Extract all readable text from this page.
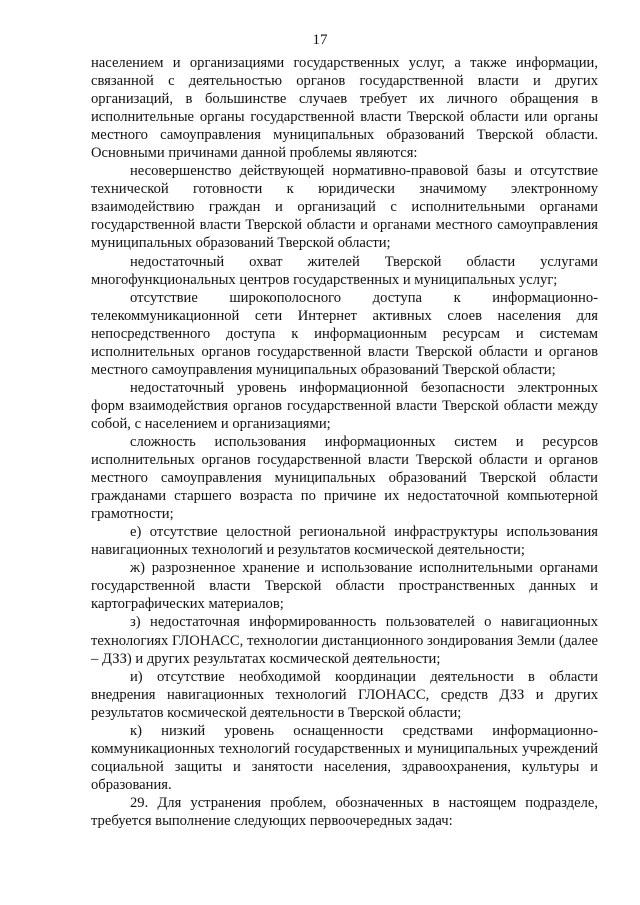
17

населением и организациями государственных услуг, а также информации, связанной с деятельностью органов государственной власти и других организаций, в большинстве случаев требует их личного обращения в исполнительные органы государственной власти Тверской области или органы местного самоуправления муниципальных образований Тверской области. Основными причинами данной проблемы являются:

несовершенство действующей нормативно-правовой базы и отсутствие технической готовности к юридически значимому электронному взаимодействию граждан и организаций с исполнительными органами государственной власти Тверской области и органами местного самоуправления муниципальных образований Тверской области;

недостаточный охват жителей Тверской области услугами многофункциональных центров государственных и муниципальных услуг;

отсутствие широкополосного доступа к информационно-телекоммуникационной сети Интернет активных слоев населения для непосредственного доступа к информационным ресурсам и системам исполнительных органов государственной власти Тверской области и органов местного самоуправления муниципальных образований Тверской области;

недостаточный уровень информационной безопасности электронных форм взаимодействия органов государственной власти Тверской области между собой, с населением и организациями;

сложность использования информационных систем и ресурсов исполнительных органов государственной власти Тверской области и органов местного самоуправления муниципальных образований Тверской области гражданами старшего возраста по причине их недостаточной компьютерной грамотности;

е) отсутствие целостной региональной инфраструктуры использования навигационных технологий и результатов космической деятельности;

ж) разрозненное хранение и использование исполнительными органами государственной власти Тверской области пространственных данных и картографических материалов;

з) недостаточная информированность пользователей о навигационных технологиях ГЛОНАСС, технологии дистанционного зондирования Земли (далее – ДЗЗ) и других результатах космической деятельности;

и) отсутствие необходимой координации деятельности в области внедрения навигационных технологий ГЛОНАСС, средств ДЗЗ и других результатов космической деятельности в Тверской области;

к) низкий уровень оснащенности средствами информационно-коммуникационных технологий государственных и муниципальных учреждений социальной защиты и занятости населения, здравоохранения, культуры и образования.

29. Для устранения проблем, обозначенных в настоящем подразделе, требуется выполнение следующих первоочередных задач:
